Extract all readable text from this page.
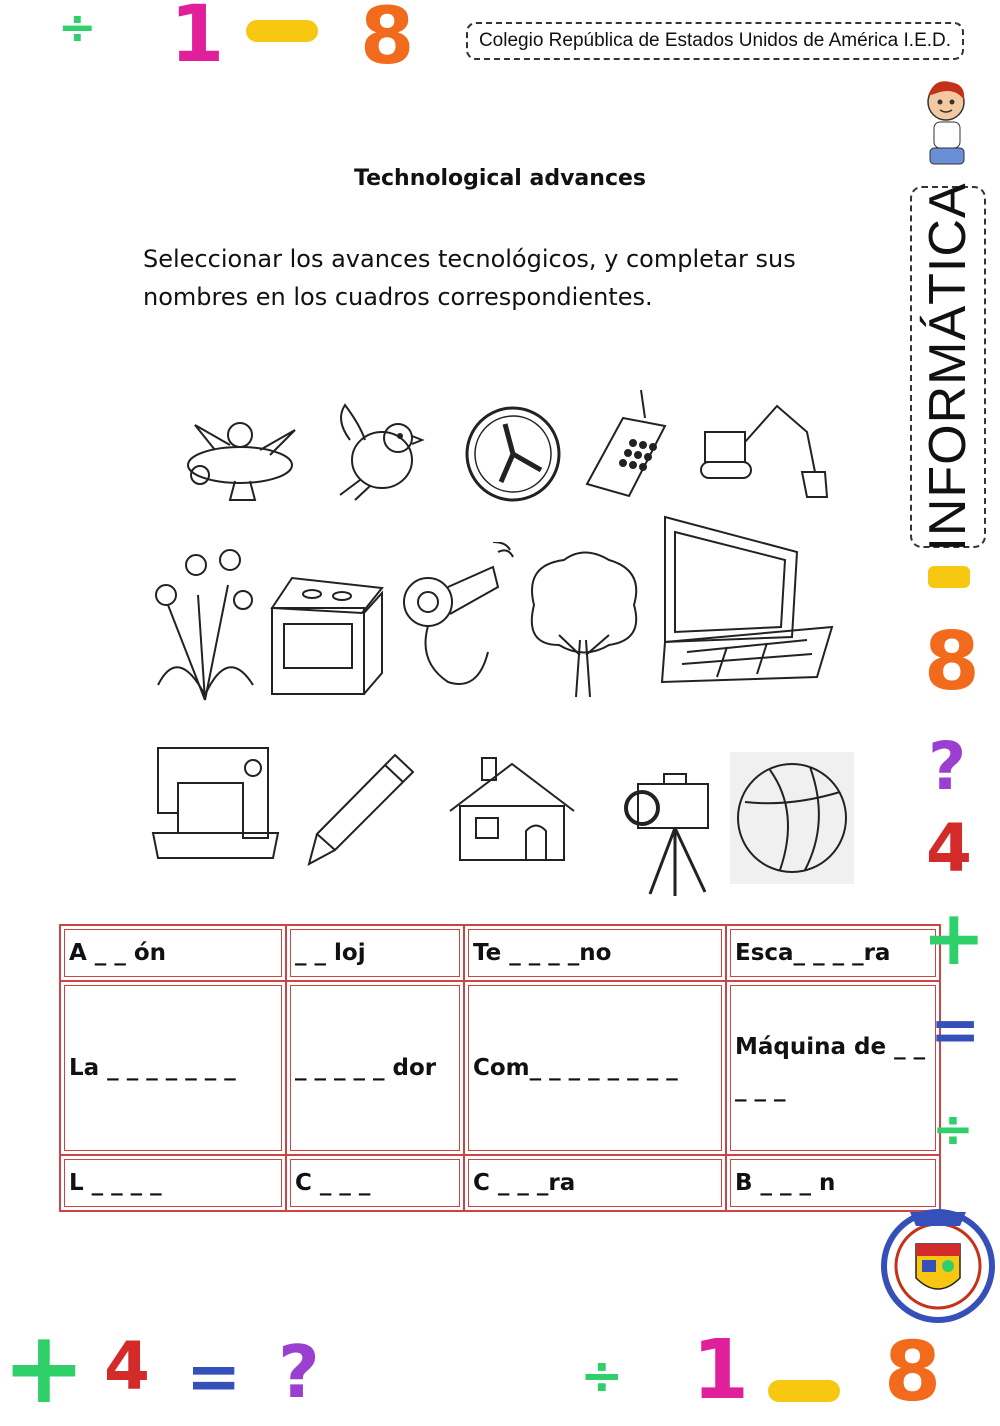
÷ 1 8	Colegio República de Estados Unidos de América I.E.D.
INFORMÁTICA
Technological advances
Seleccionar los avances tecnológicos, y completar sus nombres en los cuadros correspondientes.
A _ _ ón	_ _ loj	Te _ _ _ _no	Esca_ _ _ _ra
La _ _ _ _ _ _ _	_ _ _ _ _ dor	Com_ _ _ _ _ _ _ _	Máquina de _ _ _ _ _
L _ _ _ _	C _ _ _	C _ _ _ra	B _ _ _ n
8
?
4
+
=
÷
+ 4 = ?	÷ 1 8
